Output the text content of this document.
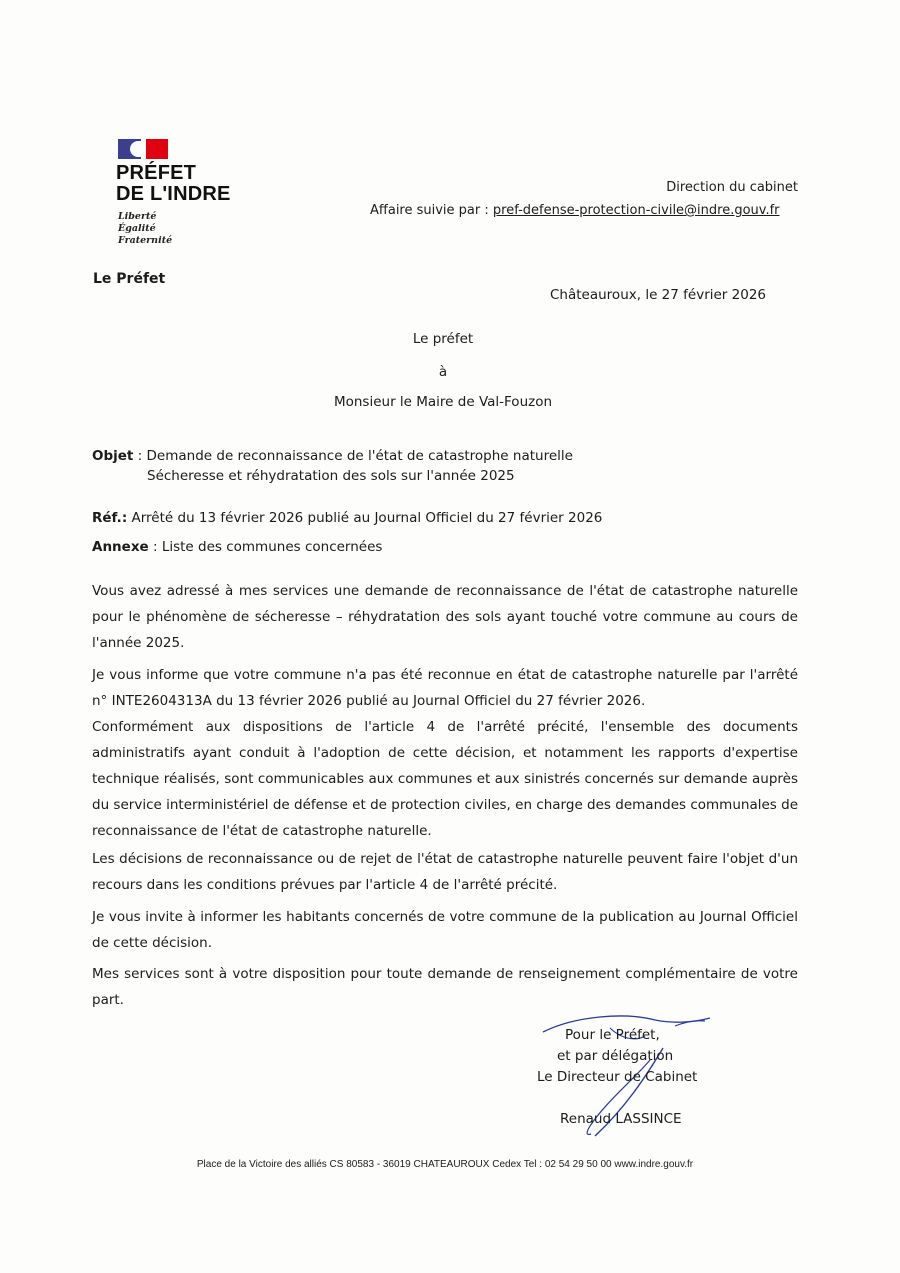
PRÉFET
DE L'INDRE
Liberté
Égalité
Fraternité
Le Préfet
Direction du cabinet
Affaire suivie par : pref-defense-protection-civile@indre.gouv.fr
Châteauroux, le 27 février 2026
Le préfet
à
Monsieur le Maire de Val-Fouzon
Objet : Demande de reconnaissance de l'état de catastrophe naturelle
Sécheresse et réhydratation des sols sur l'année 2025
Réf.: Arrêté du 13 février 2026 publié au Journal Officiel du 27 février 2026
Annexe : Liste des communes concernées
Vous avez adressé à mes services une demande de reconnaissance de l'état de catastrophe naturelle pour le phénomène de sécheresse – réhydratation des sols ayant touché votre commune au cours de l'année 2025.
Je vous informe que votre commune n'a pas été reconnue en état de catastrophe naturelle par l'arrêté n° INTE2604313A du 13 février 2026 publié au Journal Officiel du 27 février 2026.
Conformément aux dispositions de l'article 4 de l'arrêté précité, l'ensemble des documents administratifs ayant conduit à l'adoption de cette décision, et notamment les rapports d'expertise technique réalisés, sont communicables aux communes et aux sinistrés concernés sur demande auprès du service interministériel de défense et de protection civiles, en charge des demandes communales de reconnaissance de l'état de catastrophe naturelle.
Les décisions de reconnaissance ou de rejet de l'état de catastrophe naturelle peuvent faire l'objet d'un recours dans les conditions prévues par l'article 4 de l'arrêté précité.
Je vous invite à informer les habitants concernés de votre commune de la publication au Journal Officiel de cette décision.
Mes services sont à votre disposition pour toute demande de renseignement complémentaire de votre part.
Pour le Préfet,
et par délégation
Le Directeur de Cabinet
Renaud LASSINCE
Place de la Victoire des alliés CS 80583 - 36019 CHATEAUROUX Cedex Tel : 02 54 29 50 00 www.indre.gouv.fr
